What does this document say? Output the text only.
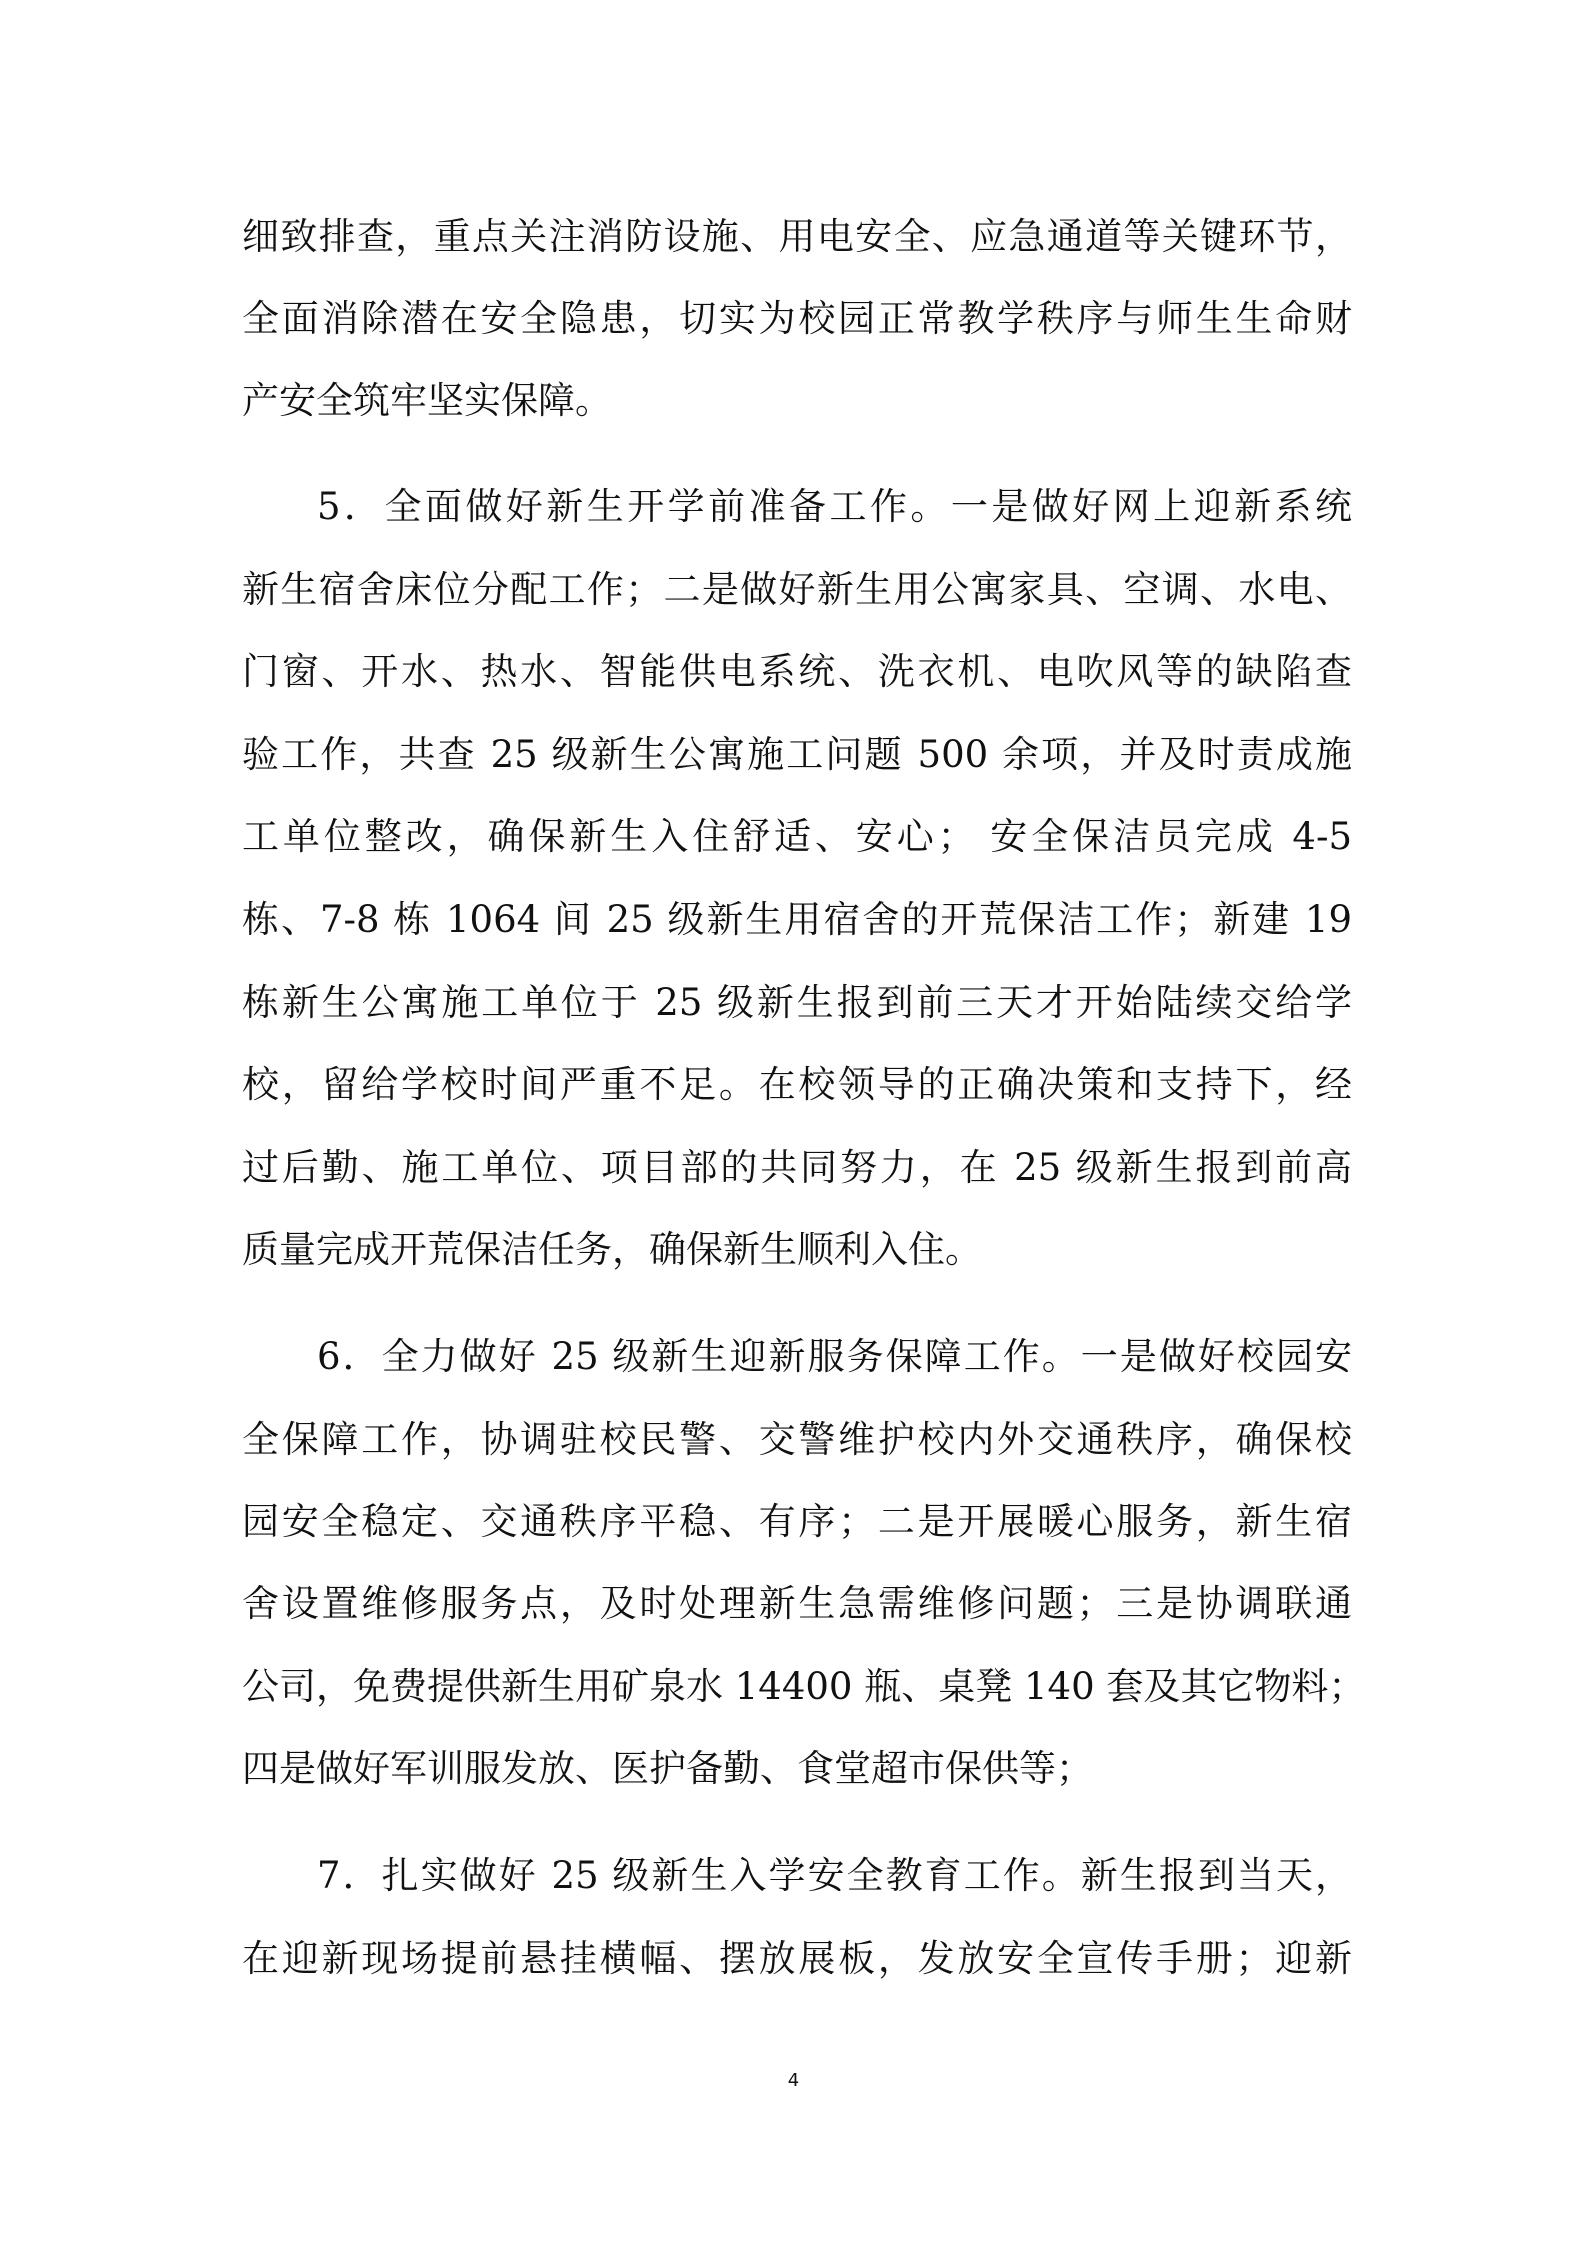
细致排查，重点关注消防设施、用电安全、应急通道等关键环节，
全面消除潜在安全隐患，切实为校园正常教学秩序与师生生命财
产安全筑牢坚实保障。
5．全面做好新生开学前准备工作。一是做好网上迎新系统
新生宿舍床位分配工作；二是做好新生用公寓家具、空调、水电、
门窗、开水、热水、智能供电系统、洗衣机、电吹风等的缺陷查
验工作，共查 25 级新生公寓施工问题 500 余项，并及时责成施
工单位整改，确保新生入住舒适、安心； 安全保洁员完成 4-5
栋、7-8 栋 1064 间 25 级新生用宿舍的开荒保洁工作；新建 19
栋新生公寓施工单位于 25 级新生报到前三天才开始陆续交给学
校，留给学校时间严重不足。在校领导的正确决策和支持下，经
过后勤、施工单位、项目部的共同努力，在 25 级新生报到前高
质量完成开荒保洁任务，确保新生顺利入住。
6．全力做好 25 级新生迎新服务保障工作。一是做好校园安
全保障工作，协调驻校民警、交警维护校内外交通秩序，确保校
园安全稳定、交通秩序平稳、有序；二是开展暖心服务，新生宿
舍设置维修服务点，及时处理新生急需维修问题；三是协调联通
公司，免费提供新生用矿泉水 14400 瓶、桌凳 140 套及其它物料；
四是做好军训服发放、医护备勤、食堂超市保供等；
7．扎实做好 25 级新生入学安全教育工作。新生报到当天，
在迎新现场提前悬挂横幅、摆放展板，发放安全宣传手册；迎新
4
